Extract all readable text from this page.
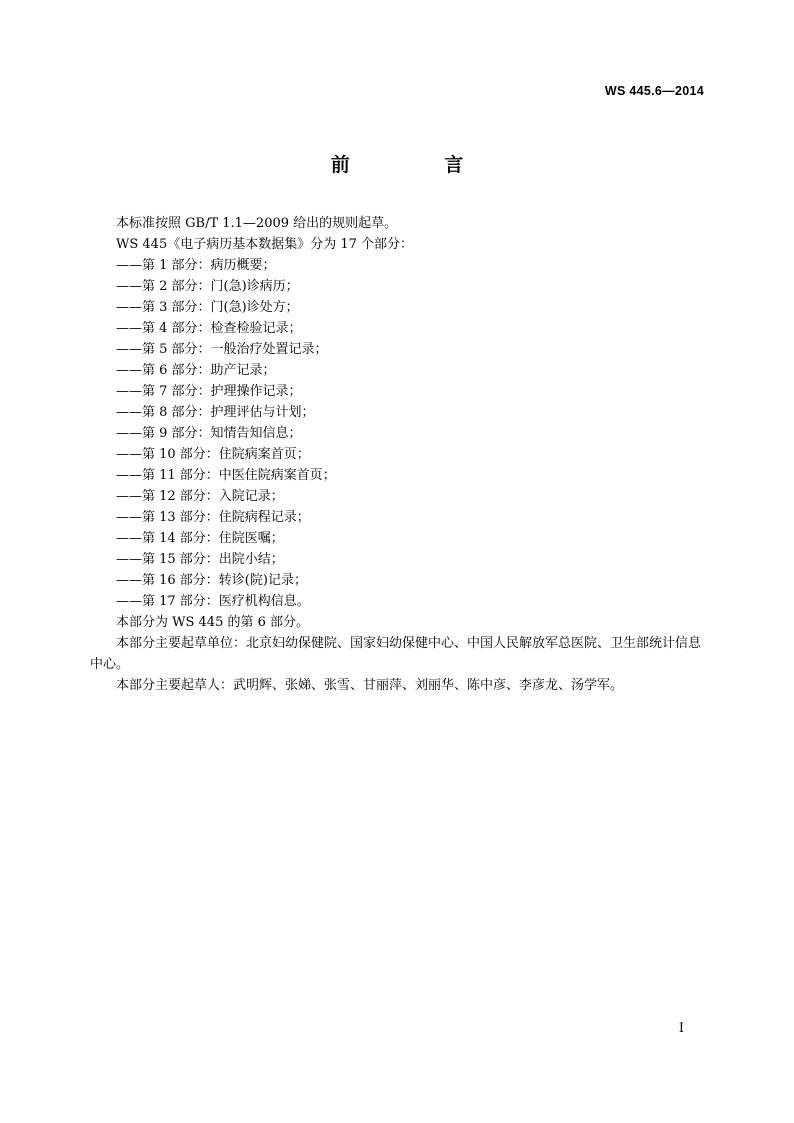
WS 445.6—2014
前 言

本标准按照 GB/T 1.1—2009 给出的规则起草。

WS 445《电子病历基本数据集》分为 17 个部分：

——第 1 部分：病历概要；
——第 2 部分：门(急)诊病历；
——第 3 部分：门(急)诊处方；
——第 4 部分：检查检验记录；
——第 5 部分：一般治疗处置记录；
——第 6 部分：助产记录；
——第 7 部分：护理操作记录；
——第 8 部分：护理评估与计划；
——第 9 部分：知情告知信息；
——第 10 部分：住院病案首页；
——第 11 部分：中医住院病案首页；
——第 12 部分：入院记录；
——第 13 部分：住院病程记录；
——第 14 部分：住院医嘱；
——第 15 部分：出院小结；
——第 16 部分：转诊(院)记录；
——第 17 部分：医疗机构信息。

本部分为 WS 445 的第 6 部分。

本部分主要起草单位：北京妇幼保健院、国家妇幼保健中心、中国人民解放军总医院、卫生部统计信息中心。

本部分主要起草人：武明辉、张娣、张雪、甘丽萍、刘丽华、陈中彦、李彦龙、汤学军。

I
